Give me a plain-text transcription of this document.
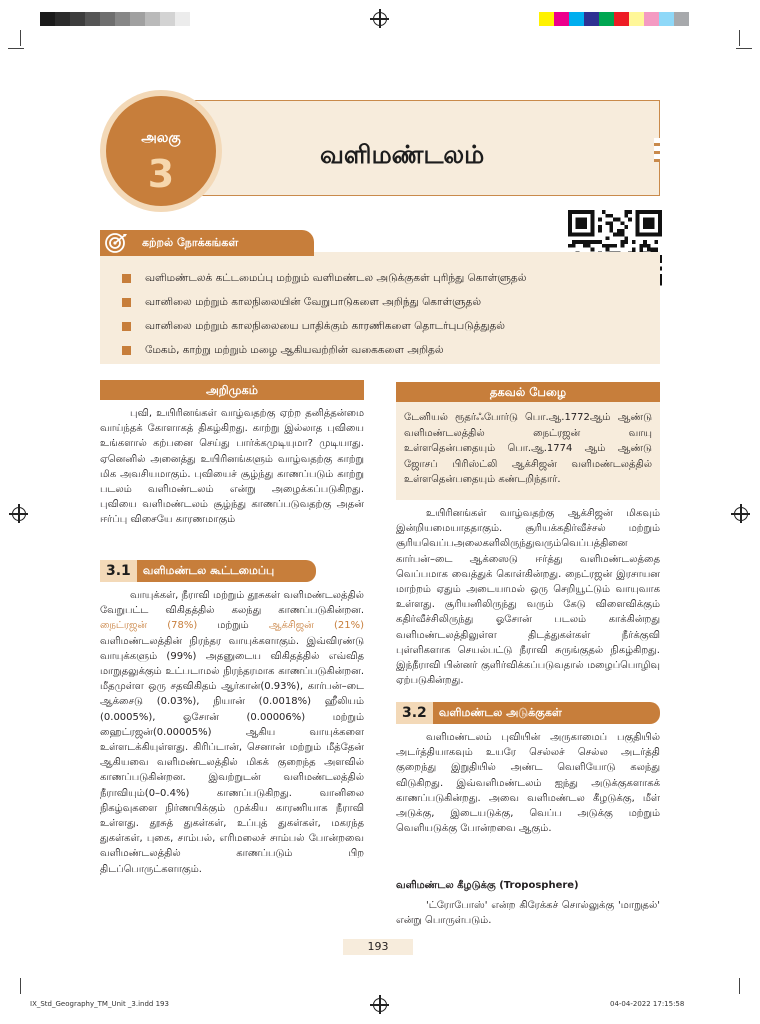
வளிமண்டலம்
அலகு
3
கற்றல் நோக்கங்கள்
வளிமண்டலக் கட்டமைப்பு மற்றும் வளிமண்டல அடுக்குகள் புரிந்து கொள்ளுதல்
வானிலை மற்றும் காலநிலையின் வேறுபாடுகளை அறிந்து கொள்ளுதல்
வானிலை மற்றும் காலநிலையை பாதிக்கும் காரணிகளை தொடர்புபடுத்துதல்
மேகம், காற்று மற்றும் மழை ஆகியவற்றின் வகைகளை அறிதல்
அறிமுகம்

புவி, உயிரினங்கள் வாழ்வதற்கு ஏற்ற தனித்தன்மை வாய்ந்தக் கோளாகத் திகழ்கிறது. காற்று இல்லாத புவியை உங்களால் கற்பனை செய்து பார்க்கமுடியுமா? முடியாது. ஏனெனில் அனைத்து உயிரினங்களும் வாழ்வதற்கு காற்று மிக அவசியமாகும். புவியைச் சூழ்ந்து காணப்படும் காற்று படலம் வளிமண்டலம் என்று அழைக்கப்படுகிறது. புவியை வளிமண்டலம் சூழ்ந்து காணப்படுவதற்கு அதன் ஈர்ப்பு விசையே காரணமாகும்

3.1	வளிமண்டல கூட்டமைப்பு

வாயுக்கள், நீராவி மற்றும் தூசுகள் வளிமண்டலத்தில் வேறுபட்ட விகிதத்தில் கலந்து காணப்படுகின்றன. நைட்ரஜன் (78%) மற்றும் ஆக்சிஜன் (21%) வளிமண்டலத்தின் நிரந்தர வாயுக்களாகும். இவ்விரண்டு வாயுக்களும் (99%) அதனுடைய விகிதத்தில் எவ்வித மாறுதலுக்கும் உட்படாமல் நிரந்தரமாக காணப்படுகின்றன. மீதமுள்ள ஒரு சதவிகிதம் ஆர்கான்(0.93%), கார்பன்–டை ஆக்சைடு (0.03%), நியான் (0.0018%) ஹீலியம் (0.0005%), ஓசோன் (0.00006%) மற்றும் ஹைட்ரஜன்(0.00005%) ஆகிய வாயுக்களை உள்ளடக்கியுள்ளது. கிரிப்டான், செனான் மற்றும் மீத்தேன் ஆகியவை வளிமண்டலத்தில் மிகக் குறைந்த அளவில் காணப்படுகின்றன. இவற்றுடன் வளிமண்டலத்தில் நீராவியும்(0–0.4%) காணப்படுகிறது. வானிலை நிகழ்வுகளை நிர்ணயிக்கும் முக்கிய காரணியாக நீராவி உள்ளது. தூசுத் துகள்கள், உப்புத் துகள்கள், மகரந்த துகள்கள், புகை, சாம்பல், எரிமலைச் சாம்பல் போன்றவை வளிமண்டலத்தில் காணப்படும் பிற திடப்பொருட்களாகும்.

தகவல் பேழை
டேனியல் ரூதர்ஃபோர்டு பொ.ஆ.1772ஆம் ஆண்டு வளிமண்டலத்தில் நைட்ரஜன் வாயு உள்ளதென்பதையும் பொ.ஆ.1774 ஆம் ஆண்டு ஜோசப் பிரிஸ்ட்லி ஆக்சிஜன் வளிமண்டலத்தில் உள்ளதென்பதையும் கண்டறிந்தார்.

உயிரினங்கள் வாழ்வதற்கு ஆக்சிஜன் மிகவும் இன்றியமையாததாகும். சூரியக்கதிர்வீச்சல் மற்றும் சூரியவெப்பஅலைகளிலிருந்துவரும்வெப்பத்தினை கார்பன்–டை ஆக்ஸைடு ஈர்த்து வளிமண்டலத்தை வெப்பமாக வைத்துக் கொள்கின்றது. நைட்ரஜன் இரசாயன மாற்றம் ஏதும் அடையாமல் ஒரு செறியூட்டும் வாயுவாக உள்ளது. சூரியனிலிருந்து வரும் கேடு விளைவிக்கும் கதிர்வீச்சிலிருந்து ஓசோன் படலம் காக்கின்றது வளிமண்டலத்திலுள்ள திடத்துகள்கள் நீர்க்குவி புள்ளிகளாக செயல்பட்டு நீராவி சுருங்குதல் நிகழ்கிறது. இந்நீராவி பின்னர் குளிர்விக்கப்படுவதால் மழைப்பொழிவு ஏற்படுகின்றது.

3.2	வளிமண்டல அடுக்குகள்

வளிமண்டலம் புவியின் அருகாமைப் பகுதியில் அடர்த்தியாகவும் உயரே செல்லச் செல்ல அடர்த்தி குறைந்து இறுதியில் அண்ட வெளியோடு கலந்து விடுகிறது. இவ்வளிமண்டலம் ஐந்து அடுக்குகளாகக் காணப்படுகின்றது. அவை வளிமண்டல கீழடுக்கு, மீள் அடுக்கு, இடையடுக்கு, வெப்ப அடுக்கு மற்றும் வெளியடுக்கு போன்றவை ஆகும்.

வளிமண்டல கீழடுக்கு (Troposphere)

'ட்ரோபோஸ்' என்ற கிரேக்கச் சொல்லுக்கு 'மாறுதல்' என்று பொருள்படும்.

193
IX_Std_Geography_TM_Unit _3.indd 193	04-04-2022 17:15:58
